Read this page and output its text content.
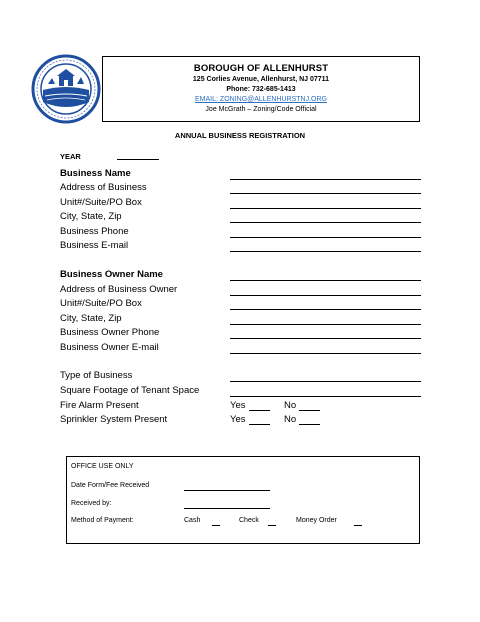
BOROUGH OF ALLENHURST
125 Corlies Avenue, Allenhurst, NJ 07711
Phone: 732-685-1413
EMAIL: ZONING@ALLENHURSTNJ.ORG
Joe McGrath – Zoning/Code Official
ANNUAL BUSINESS REGISTRATION
YEAR
Business Name
Address of Business
Unit#/Suite/PO Box
City, State, Zip
Business Phone
Business E-mail
Business Owner Name
Address of Business Owner
Unit#/Suite/PO Box
City, State, Zip
Business Owner Phone
Business Owner E-mail
Type of Business
Square Footage of Tenant Space
Fire Alarm Present	Yes	No
Sprinkler System Present	Yes	No
OFFICE USE ONLY
Date Form/Fee Received
Received by:
Method of Payment:	Cash	Check	Money Order
